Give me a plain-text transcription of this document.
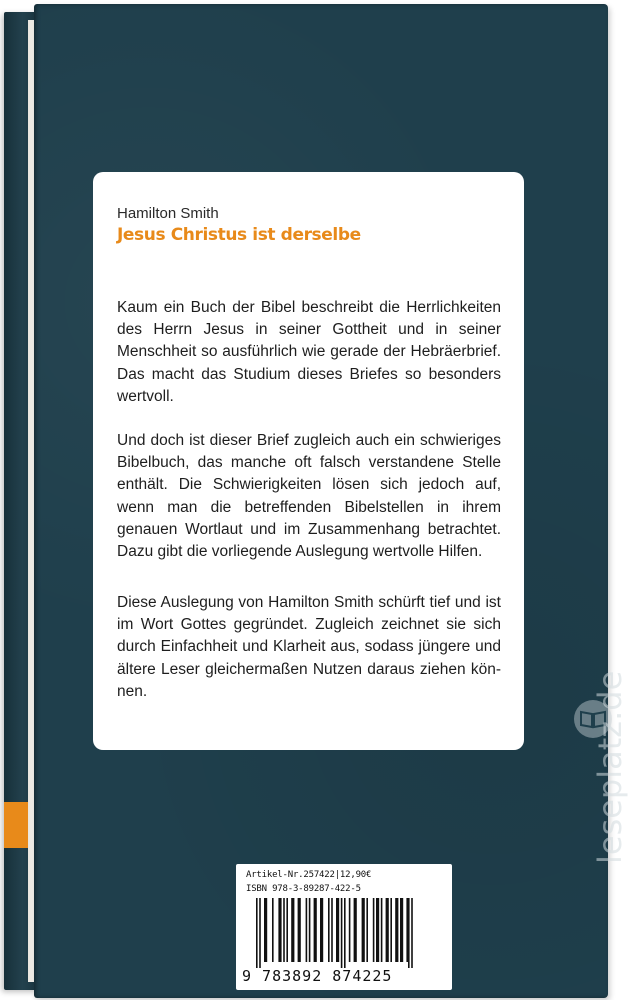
Hamilton Smith
Jesus Christus ist derselbe
Kaum ein Buch der Bibel beschreibt die Herrlichkeiten des Herrn Jesus in seiner Gottheit und in seiner Menschheit so ausführlich wie gerade der Hebräerbrief. Das macht das Studium dieses Briefes so besonders wertvoll.
Und doch ist dieser Brief zugleich auch ein schwieriges Bibelbuch, das manche oft falsch verstandene Stelle enthält. Die Schwierigkeiten lösen sich jedoch auf, wenn man die betreffenden Bibelstellen in ihrem genauen Wortlaut und im Zusammenhang betrachtet. Dazu gibt die vorliegende Auslegung wertvolle Hilfen.
Diese Auslegung von Hamilton Smith schürft tief und ist im Wort Gottes gegründet. Zugleich zeichnet sie sich durch Einfachheit und Klarheit aus, sodass jüngere und ältere Leser gleichermaßen Nutzen daraus ziehen können.	leseplatz.de
Artikel-Nr.257422|12,90€
ISBN 978-3-89287-422-5
9 783892 874225
